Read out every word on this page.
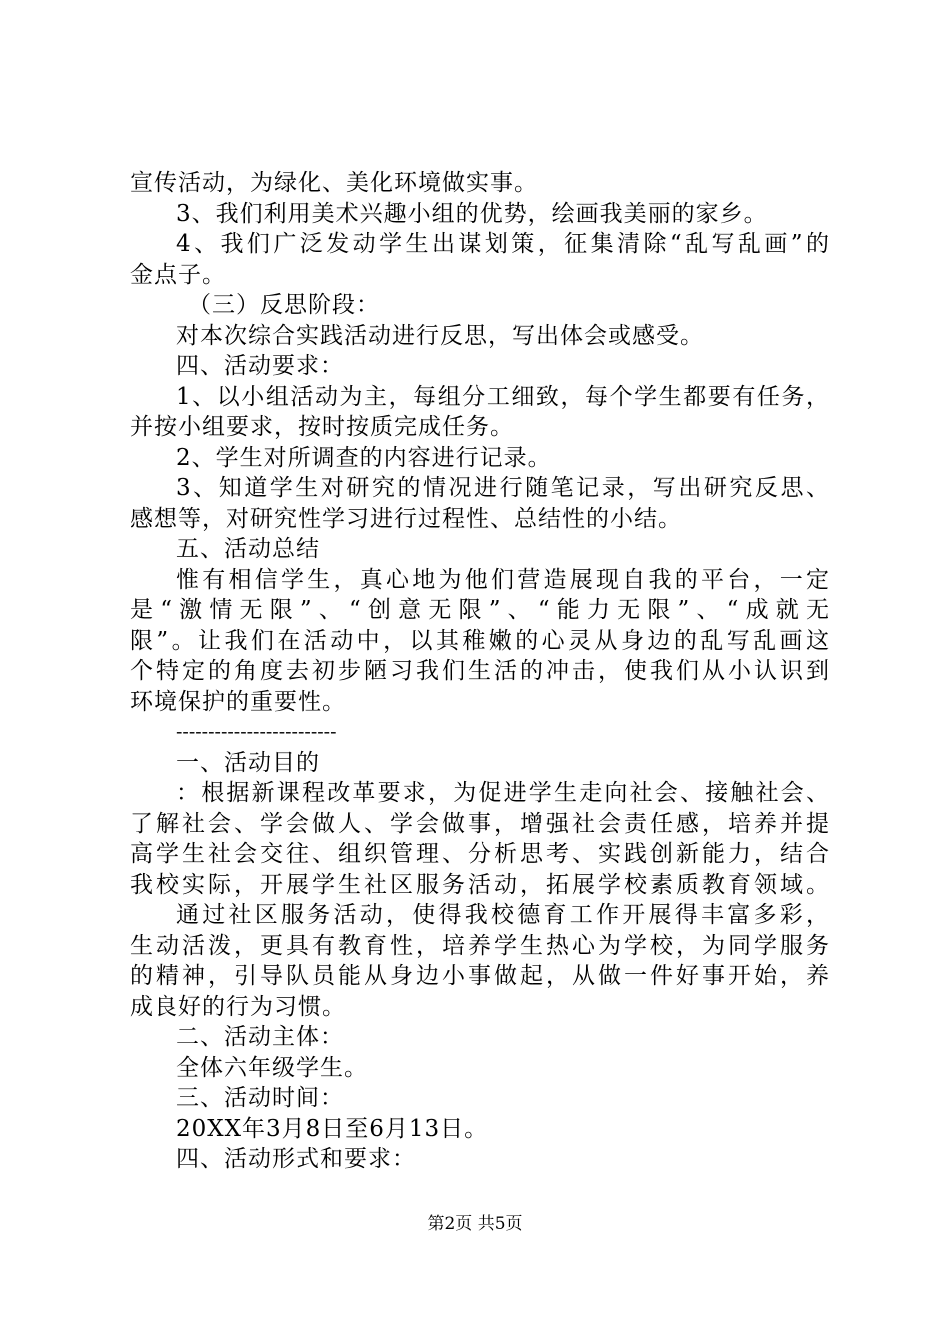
宣传活动，为绿化、美化环境做实事。
3、我们利用美术兴趣小组的优势，绘画我美丽的家乡。
4、我们广泛发动学生出谋划策，征集清除“乱写乱画”的
金点子。
（三）反思阶段：
对本次综合实践活动进行反思，写出体会或感受。
四、活动要求：
1、以小组活动为主，每组分工细致，每个学生都要有任务，
并按小组要求，按时按质完成任务。
2、学生对所调查的内容进行记录。
3、知道学生对研究的情况进行随笔记录，写出研究反思、
感想等，对研究性学习进行过程性、总结性的小结。
五、活动总结
惟有相信学生，真心地为他们营造展现自我的平台，一定
是“激情无限”、“创意无限”、“能力无限”、“成就无
限”。让我们在活动中，以其稚嫩的心灵从身边的乱写乱画这
个特定的角度去初步陋习我们生活的冲击，使我们从小认识到
环境保护的重要性。
-------------------------
一、活动目的
：根据新课程改革要求，为促进学生走向社会、接触社会、
了解社会、学会做人、学会做事，增强社会责任感，培养并提
高学生社会交往、组织管理、分析思考、实践创新能力，结合
我校实际，开展学生社区服务活动，拓展学校素质教育领域。
通过社区服务活动，使得我校德育工作开展得丰富多彩，
生动活泼，更具有教育性，培养学生热心为学校，为同学服务
的精神，引导队员能从身边小事做起，从做一件好事开始，养
成良好的行为习惯。
二、活动主体：
全体六年级学生。
三、活动时间：
20XX年3月8日至6月13日。
四、活动形式和要求：
第2页 共5页
